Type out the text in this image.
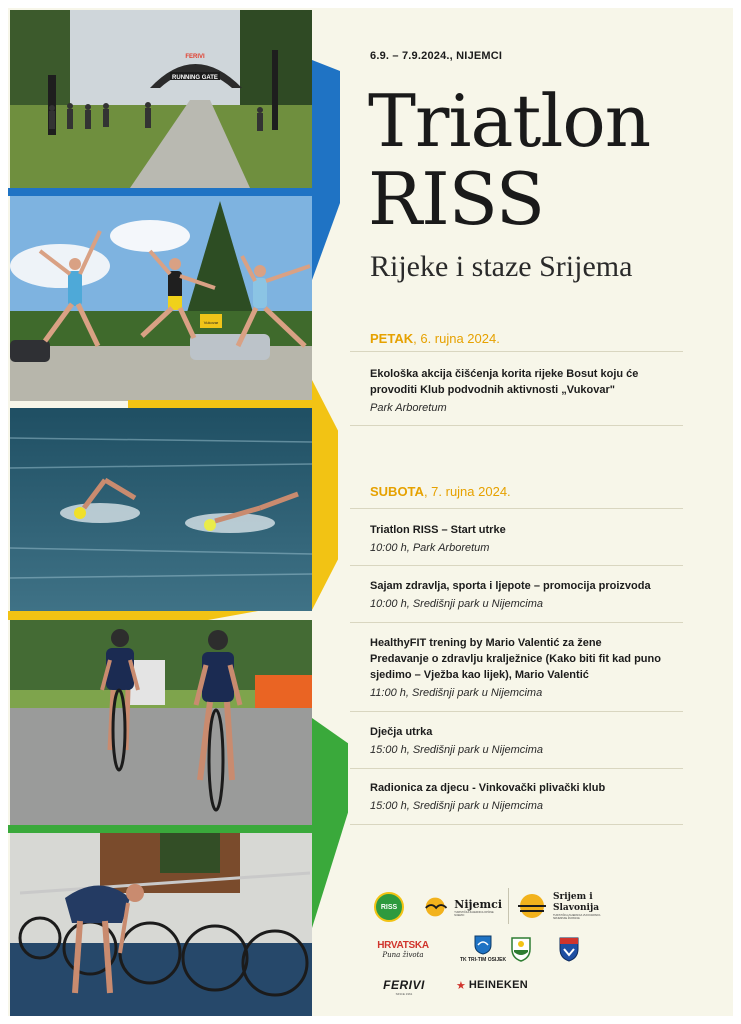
RUNNING GATE
FERIVI
Vukovar
6.9. – 7.9.2024., NIJEMCI
Triatlon
RISS
Rijeke i staze Srijema
PETAK, 6. rujna 2024.
Ekološka akcija čišćenja korita rijeke Bosut koju će provoditi Klub podvodnih aktivnosti „Vukovar"
Park Arboretum
SUBOTA, 7. rujna 2024.
Triatlon RISS – Start utrke
10:00 h, Park Arboretum
Sajam zdravlja, sporta i ljepote – promocija proizvoda
10:00 h, Središnji park u Nijemcima
HealthyFIT trening by Mario Valentić za žene
Predavanje o zdravlju kralježnice (Kako biti fit kad puno sjedimo – Vježba kao lijek), Mario Valentić
11:00 h, Središnji park u Nijemcima
Dječja utrka
15:00 h, Središnji park u Nijemcima
Radionica za djecu - Vinkovački plivački klub
15:00 h, Središnji park u Nijemcima
RISS	Nijemci
TURISTIČKA ZAJEDNICA OPĆINE NIJEMCI
Srijem i Slavonija
TURISTIČKA ZAJEDNICA VUKOVARSKO-SRIJEMSKE ŽUPANIJE
HRVATSKA
Puna života
TK TRI-TIM OSIJEK
FERIVI
SINCE 1961
★ HEINEKEN
